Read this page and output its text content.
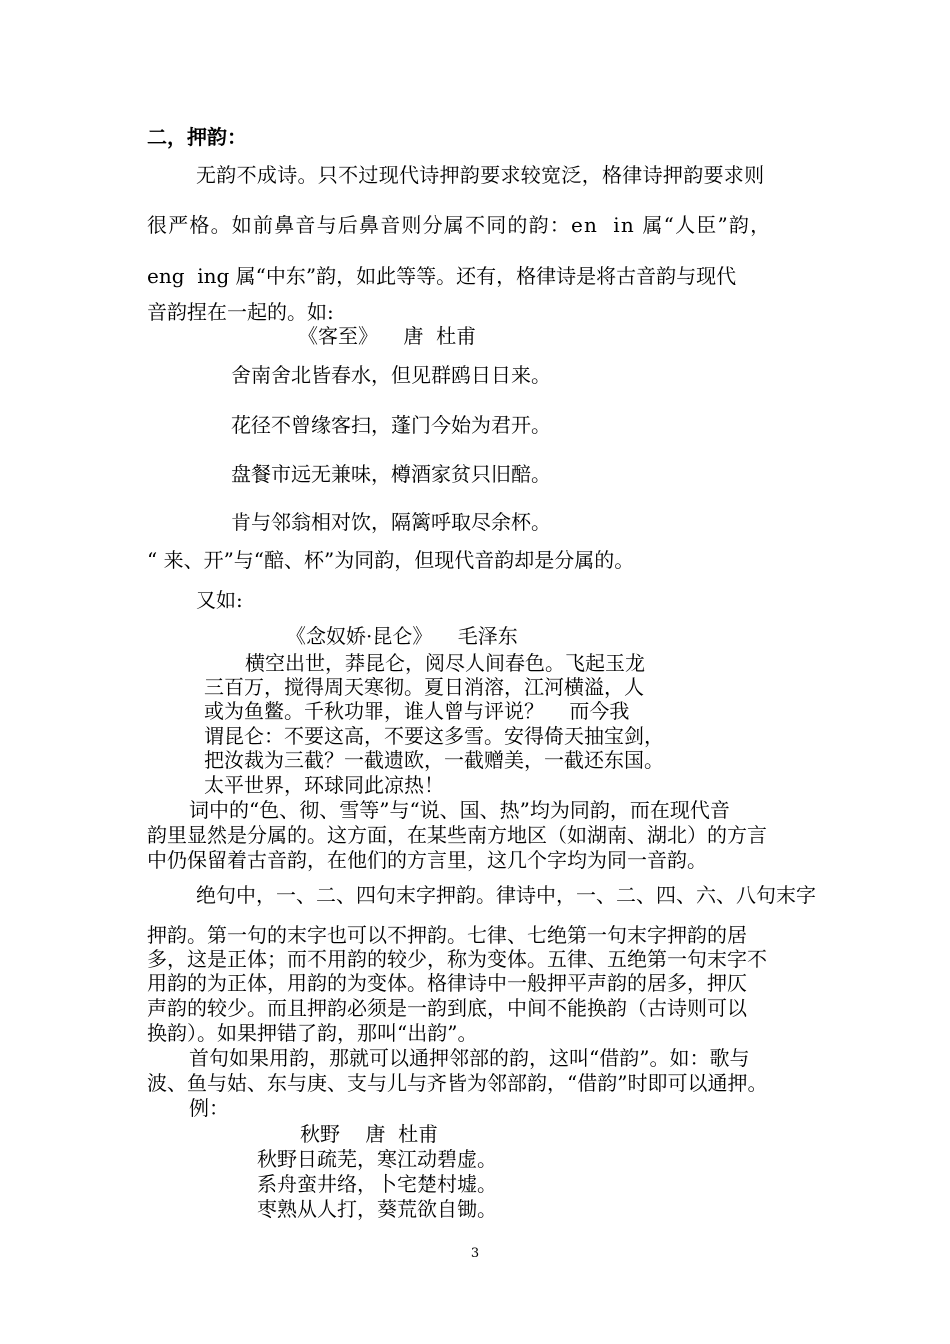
二，押韵：
无韵不成诗。只不过现代诗押韵要求较宽泛，格律诗押韵要求则
很严格。如前鼻音与后鼻音则分属不同的韵：en  in 属“人臣”韵，
eng  ing 属“中东”韵，如此等等。还有，格律诗是将古音韵与现代
音韵捏在一起的。如:
《客至》    唐  杜甫
舍南舍北皆春水，但见群鸥日日来。
花径不曾缘客扫，蓬门今始为君开。
盘餐市远无兼味，樽酒家贫只旧醅。
肯与邻翁相对饮，隔篱呼取尽余杯。
“ 来、开”与“醅、杯”为同韵，但现代音韵却是分属的。
又如:
《念奴娇·昆仑》    毛泽东
横空出世，莽昆仑，阅尽人间春色。飞起玉龙
三百万，搅得周天寒彻。夏日消溶，江河横溢，人
或为鱼鳖。千秋功罪，谁人曾与评说？    而今我
谓昆仑：不要这高，不要这多雪。安得倚天抽宝剑，
把汝裁为三截？一截遗欧，一截赠美，一截还东国。
太平世界，环球同此凉热！
词中的“色、彻、雪等”与“说、国、热”均为同韵，而在现代音
韵里显然是分属的。这方面，在某些南方地区（如湖南、湖北）的方言
中仍保留着古音韵，在他们的方言里，这几个字均为同一音韵。
绝句中，一、二、四句末字押韵。律诗中，一、二、四、六、八句末字
押韵。第一句的末字也可以不押韵。七律、七绝第一句末字押韵的居
多，这是正体；而不用韵的较少，称为变体。五律、五绝第一句末字不
用韵的为正体，用韵的为变体。格律诗中一般押平声韵的居多，押仄
声韵的较少。而且押韵必须是一韵到底，中间不能换韵（古诗则可以
换韵）。如果押错了韵，那叫“出韵”。
首句如果用韵，那就可以通押邻部的韵，这叫“借韵”。如：歌与
波、鱼与姑、东与庚、支与儿与齐皆为邻部韵，“借韵”时即可以通押。
例：
秋野    唐  杜甫
秋野日疏芜，寒江动碧虚。
系舟蛮井络，卜宅楚村墟。
枣熟从人打，葵荒欲自锄。
3
